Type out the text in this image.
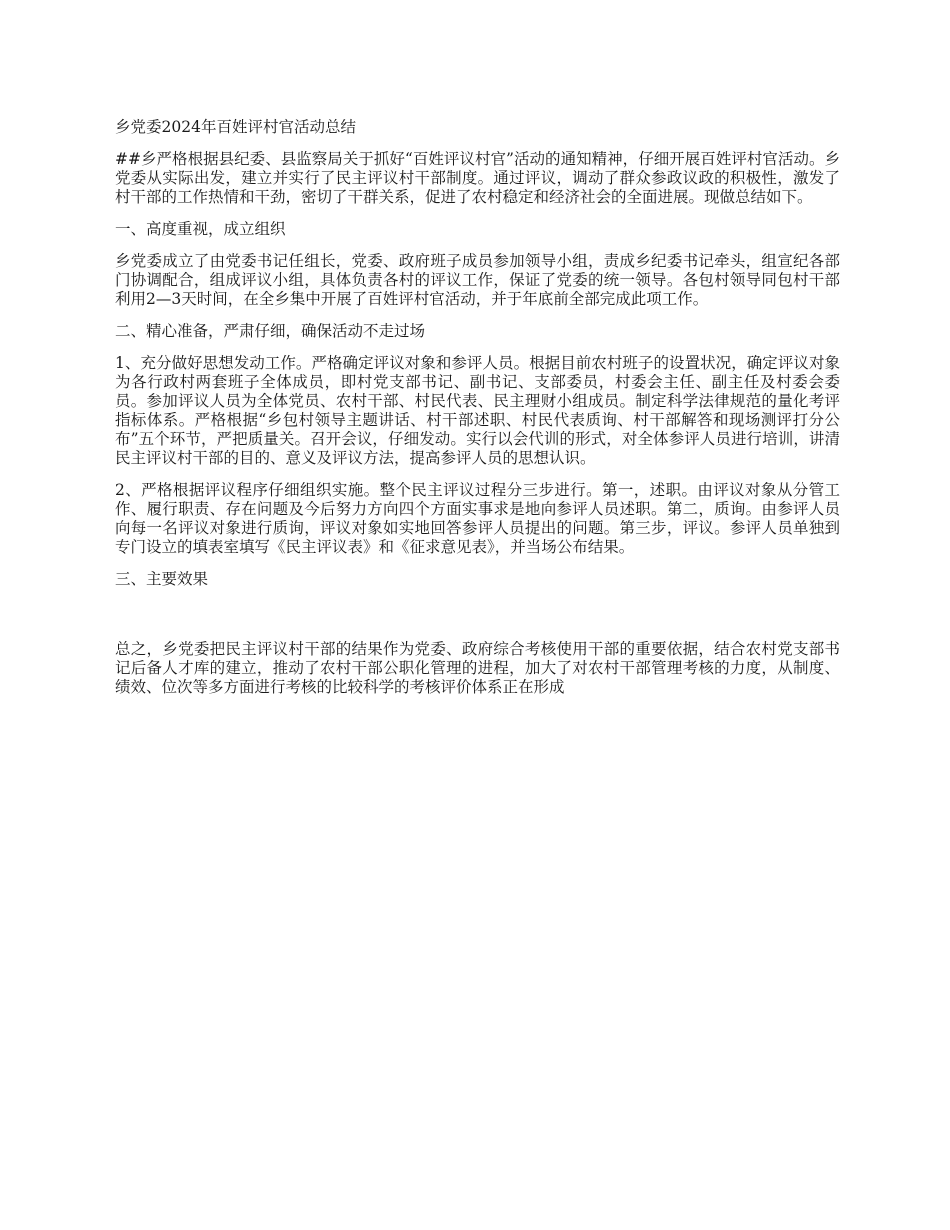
乡党委2024年百姓评村官活动总结

##乡严格根据县纪委、县监察局关于抓好“百姓评议村官”活动的通知精神，仔细开展百姓评村官活动。乡党委从实际出发，建立并实行了民主评议村干部制度。通过评议，调动了群众参政议政的积极性，激发了村干部的工作热情和干劲，密切了干群关系，促进了农村稳定和经济社会的全面进展。现做总结如下。

一、高度重视，成立组织

乡党委成立了由党委书记任组长，党委、政府班子成员参加领导小组，责成乡纪委书记牵头，组宣纪各部门协调配合，组成评议小组，具体负责各村的评议工作，保证了党委的统一领导。各包村领导同包村干部利用2—3天时间，在全乡集中开展了百姓评村官活动，并于年底前全部完成此项工作。

二、精心准备，严肃仔细，确保活动不走过场

1、充分做好思想发动工作。严格确定评议对象和参评人员。根据目前农村班子的设置状况，确定评议对象为各行政村两套班子全体成员，即村党支部书记、副书记、支部委员，村委会主任、副主任及村委会委员。参加评议人员为全体党员、农村干部、村民代表、民主理财小组成员。制定科学法律规范的量化考评指标体系。严格根据“乡包村领导主题讲话、村干部述职、村民代表质询、村干部解答和现场测评打分公布”五个环节，严把质量关。召开会议，仔细发动。实行以会代训的形式，对全体参评人员进行培训，讲清民主评议村干部的目的、意义及评议方法，提高参评人员的思想认识。

2、严格根据评议程序仔细组织实施。整个民主评议过程分三步进行。第一，述职。由评议对象从分管工作、履行职责、存在问题及今后努力方向四个方面实事求是地向参评人员述职。第二，质询。由参评人员向每一名评议对象进行质询，评议对象如实地回答参评人员提出的问题。第三步，评议。参评人员单独到专门设立的填表室填写《民主评议表》和《征求意见表》，并当场公布结果。

三、主要效果

总之，乡党委把民主评议村干部的结果作为党委、政府综合考核使用干部的重要依据，结合农村党支部书记后备人才库的建立，推动了农村干部公职化管理的进程，加大了对农村干部管理考核的力度，从制度、绩效、位次等多方面进行考核的比较科学的考核评价体系正在形成
